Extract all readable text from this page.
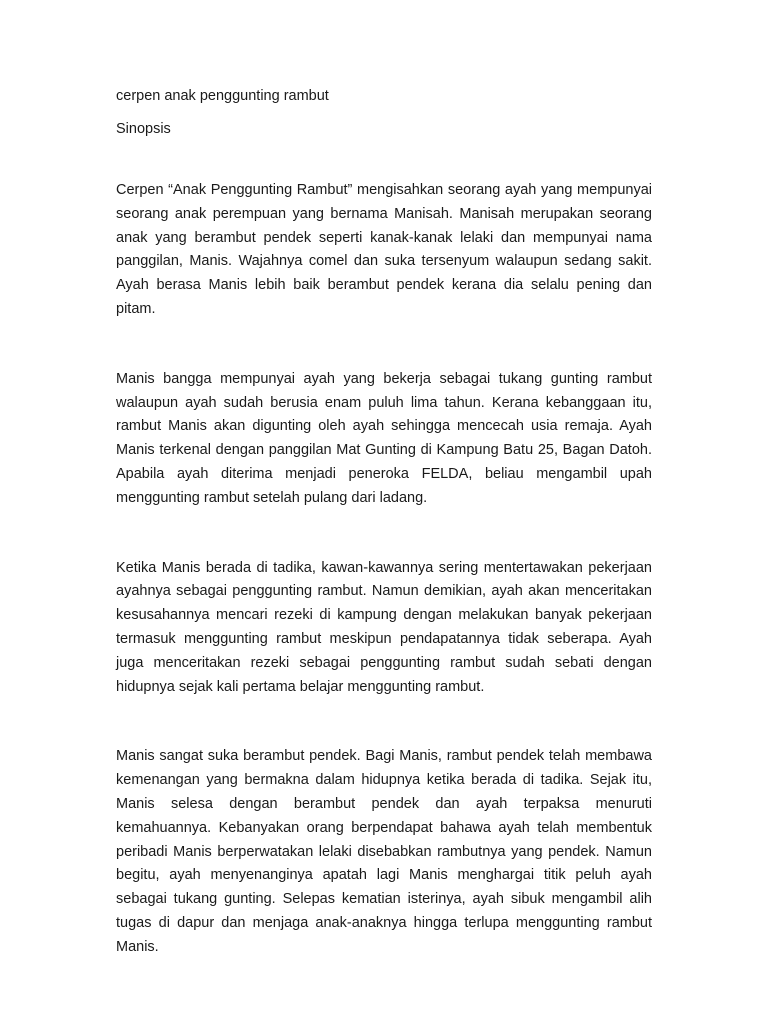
cerpen anak penggunting rambut

Sinopsis

Cerpen “Anak Penggunting Rambut” mengisahkan seorang ayah yang mempunyai seorang anak perempuan yang bernama Manisah. Manisah merupakan seorang anak yang berambut pendek seperti kanak-kanak lelaki dan mempunyai nama panggilan, Manis. Wajahnya comel dan suka tersenyum walaupun sedang sakit. Ayah berasa Manis lebih baik berambut pendek kerana dia selalu pening dan pitam.

Manis bangga mempunyai ayah yang bekerja sebagai tukang gunting rambut walaupun ayah sudah berusia enam puluh lima tahun. Kerana kebanggaan itu, rambut Manis akan digunting oleh ayah sehingga mencecah usia remaja. Ayah Manis terkenal dengan panggilan Mat Gunting di Kampung Batu 25, Bagan Datoh. Apabila ayah diterima menjadi peneroka FELDA, beliau mengambil upah menggunting rambut setelah pulang dari ladang.

Ketika Manis berada di tadika, kawan-kawannya sering mentertawakan pekerjaan ayahnya sebagai penggunting rambut. Namun demikian, ayah akan menceritakan kesusahannya mencari rezeki di kampung dengan melakukan banyak pekerjaan termasuk menggunting rambut meskipun pendapatannya tidak seberapa. Ayah juga menceritakan rezeki sebagai penggunting rambut sudah sebati dengan hidupnya sejak kali pertama belajar menggunting rambut.

Manis sangat suka berambut pendek. Bagi Manis, rambut pendek telah membawa kemenangan yang bermakna dalam hidupnya ketika berada di tadika. Sejak itu, Manis selesa dengan berambut pendek dan ayah terpaksa menuruti kemahuannya. Kebanyakan orang berpendapat bahawa ayah telah membentuk peribadi Manis berperwatakan lelaki disebabkan rambutnya yang pendek. Namun begitu, ayah menyenanginya apatah lagi Manis menghargai titik peluh ayah sebagai tukang gunting. Selepas kematian isterinya, ayah sibuk mengambil alih tugas di dapur dan menjaga anak-anaknya hingga terlupa menggunting rambut Manis.
